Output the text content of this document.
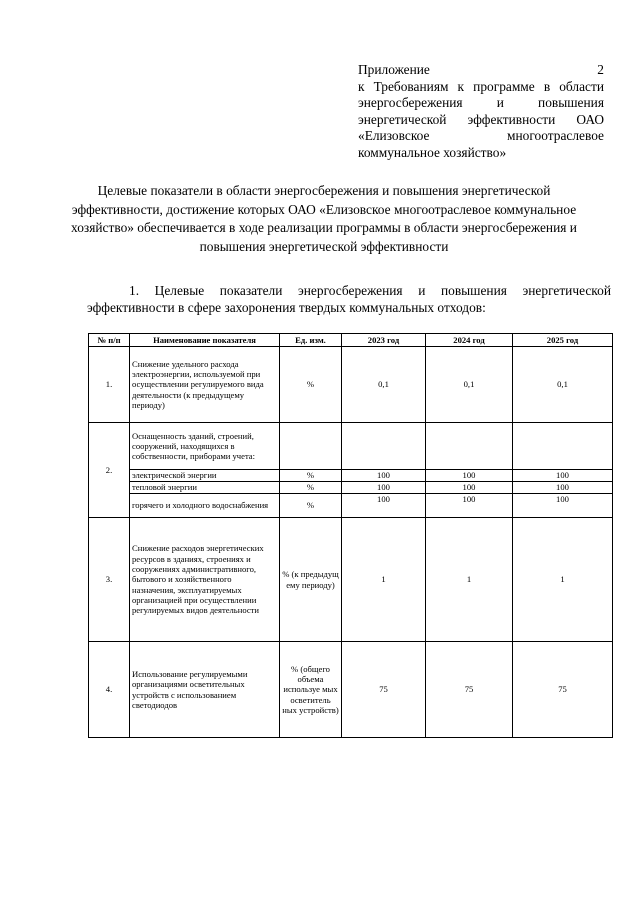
Приложение 2
к Требованиям к программе в области
энергосбережения и повышения
энергетической эффективности ОАО
«Елизовское многоотраслевое
коммунальное хозяйство»
Целевые показатели в области энергосбережения и повышения энергетической эффективности, достижение которых ОАО «Елизовское многоотраслевое коммунальное хозяйство» обеспечивается в ходе реализации программы в области энергосбережения и повышения энергетической эффективности
1. Целевые показатели энергосбережения и повышения энергетической
эффективности в сфере захоронения твердых коммунальных отходов:
№ п/п	Наименование показателя	Ед. изм.	2023 год	2024 год	2025 год
1.	Снижение удельного расхода электроэнергии, используемой при осуществлении регулируемого вида деятельности (к предыдущему периоду)	%	0,1	0,1	0,1
2.	Оснащенность зданий, строений, сооружений, находящихся в собственности, приборами учета:				
	электрической энергии	%	100	100	100
	тепловой энергии	%	100	100	100
	горячего и холодного водоснабжения	%	100	100	100
3.	Снижение расходов энергетических ресурсов в зданиях, строениях и сооружениях административного, бытового и хозяйственного назначения, эксплуатируемых организацией при осуществлении регулируемых видов деятельности	% (к предыдущ ему периоду)	1	1	1
4.	Использование регулируемыми организациями осветительных устройств с использованием светодиодов	% (общего объема используе мых осветитель ных устройств)	75	75	75
